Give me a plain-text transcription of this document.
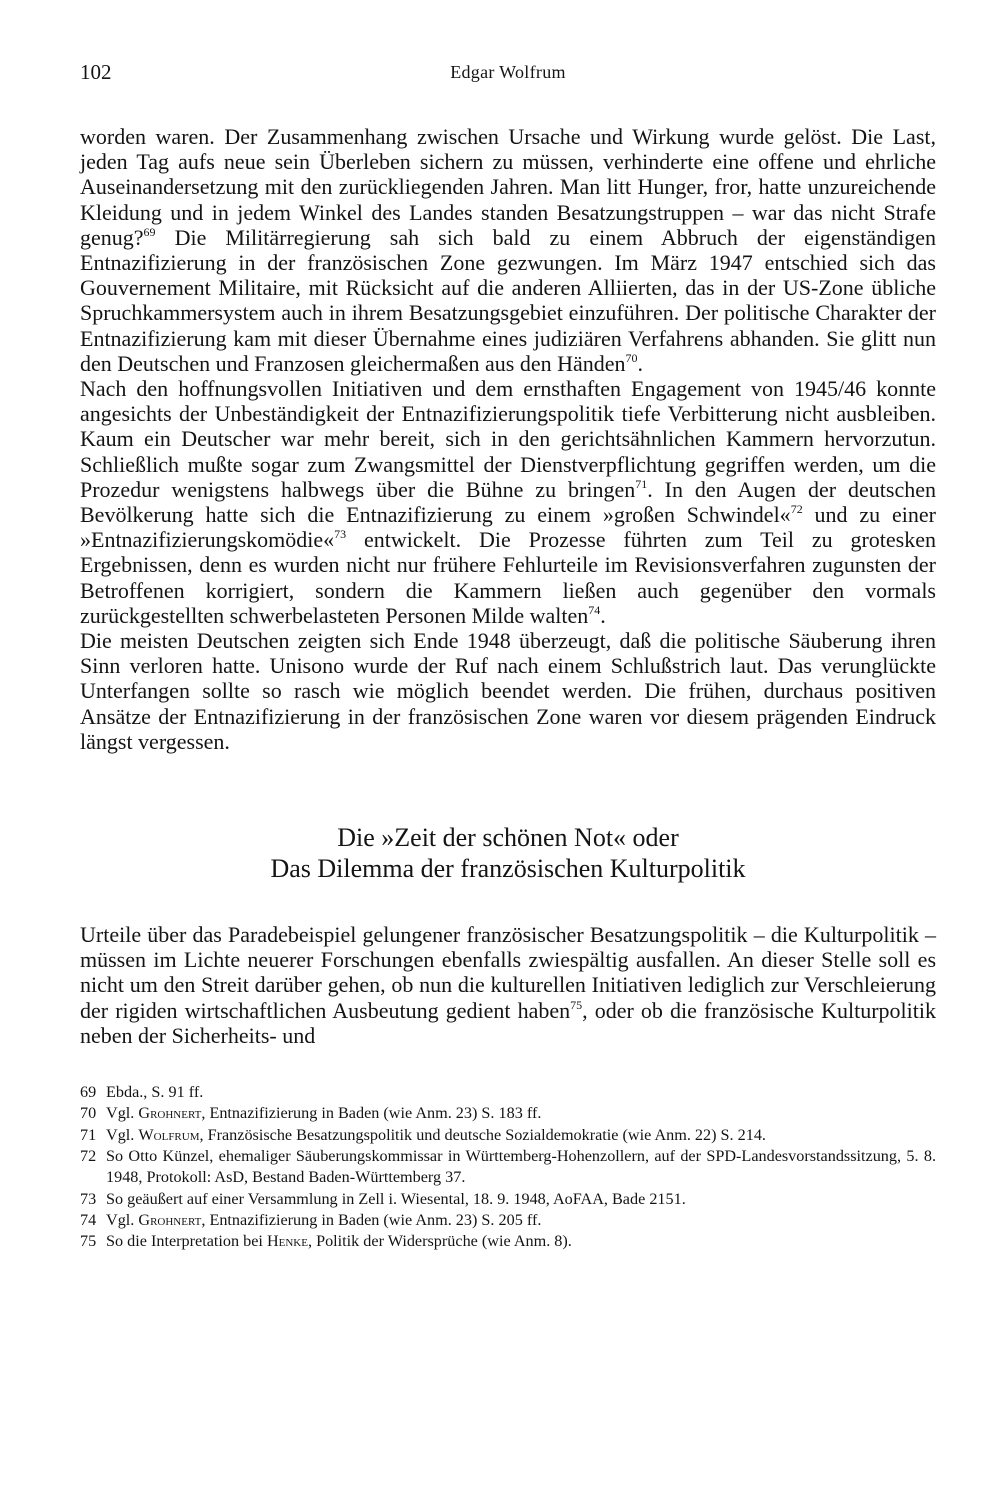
102	Edgar Wolfrum

worden waren. Der Zusammenhang zwischen Ursache und Wirkung wurde gelöst. Die Last, jeden Tag aufs neue sein Überleben sichern zu müssen, verhinderte eine offene und ehrliche Auseinandersetzung mit den zurückliegenden Jahren. Man litt Hunger, fror, hatte unzureichende Kleidung und in jedem Winkel des Landes standen Besatzungstruppen – war das nicht Strafe genug?$^{69}$ Die Militärregierung sah sich bald zu einem Abbruch der eigenständigen Entnazifizierung in der französischen Zone gezwungen. Im März 1947 entschied sich das Gouvernement Militaire, mit Rücksicht auf die anderen Alliierten, das in der US-Zone übliche Spruchkammersystem auch in ihrem Besatzungsgebiet einzuführen. Der politische Charakter der Entnazifizierung kam mit dieser Übernahme eines judiziären Verfahrens abhanden. Sie glitt nun den Deutschen und Franzosen gleichermaßen aus den Händen$^{70}$.

Nach den hoffnungsvollen Initiativen und dem ernsthaften Engagement von 1945/46 konnte angesichts der Unbeständigkeit der Entnazifizierungspolitik tiefe Verbitterung nicht ausbleiben. Kaum ein Deutscher war mehr bereit, sich in den gerichtsähnlichen Kammern hervorzutun. Schließlich mußte sogar zum Zwangsmittel der Dienstverpflichtung gegriffen werden, um die Prozedur wenigstens halbwegs über die Bühne zu bringen$^{71}$. In den Augen der deutschen Bevölkerung hatte sich die Entnazifizierung zu einem »großen Schwindel«$^{72}$ und zu einer »Entnazifizierungskomödie«$^{73}$ entwickelt. Die Prozesse führten zum Teil zu grotesken Ergebnissen, denn es wurden nicht nur frühere Fehlurteile im Revisionsverfahren zugunsten der Betroffenen korrigiert, sondern die Kammern ließen auch gegenüber den vormals zurückgestellten schwerbelasteten Personen Milde walten$^{74}$.

Die meisten Deutschen zeigten sich Ende 1948 überzeugt, daß die politische Säuberung ihren Sinn verloren hatte. Unisono wurde der Ruf nach einem Schlußstrich laut. Das verunglückte Unterfangen sollte so rasch wie möglich beendet werden. Die frühen, durchaus positiven Ansätze der Entnazifizierung in der französischen Zone waren vor diesem prägenden Eindruck längst vergessen.

Die »Zeit der schönen Not« oder
Das Dilemma der französischen Kulturpolitik

Urteile über das Paradebeispiel gelungener französischer Besatzungspolitik – die Kulturpolitik – müssen im Lichte neuerer Forschungen ebenfalls zwiespältig ausfallen. An dieser Stelle soll es nicht um den Streit darüber gehen, ob nun die kulturellen Initiativen lediglich zur Verschleierung der rigiden wirtschaftlichen Ausbeutung gedient haben$^{75}$, oder ob die französische Kulturpolitik neben der Sicherheits- und

69 Ebda., S. 91 ff.
70 Vgl. Grohnert, Entnazifizierung in Baden (wie Anm. 23) S. 183 ff.
71 Vgl. Wolfrum, Französische Besatzungspolitik und deutsche Sozialdemokratie (wie Anm. 22) S. 214.
72 So Otto Künzel, ehemaliger Säuberungskommissar in Württemberg-Hohenzollern, auf der SPD-Landesvorstandssitzung, 5. 8. 1948, Protokoll: AsD, Bestand Baden-Württemberg 37.
73 So geäußert auf einer Versammlung in Zell i. Wiesental, 18. 9. 1948, AoFAA, Bade 2151.
74 Vgl. Grohnert, Entnazifizierung in Baden (wie Anm. 23) S. 205 ff.
75 So die Interpretation bei Henke, Politik der Widersprüche (wie Anm. 8).
